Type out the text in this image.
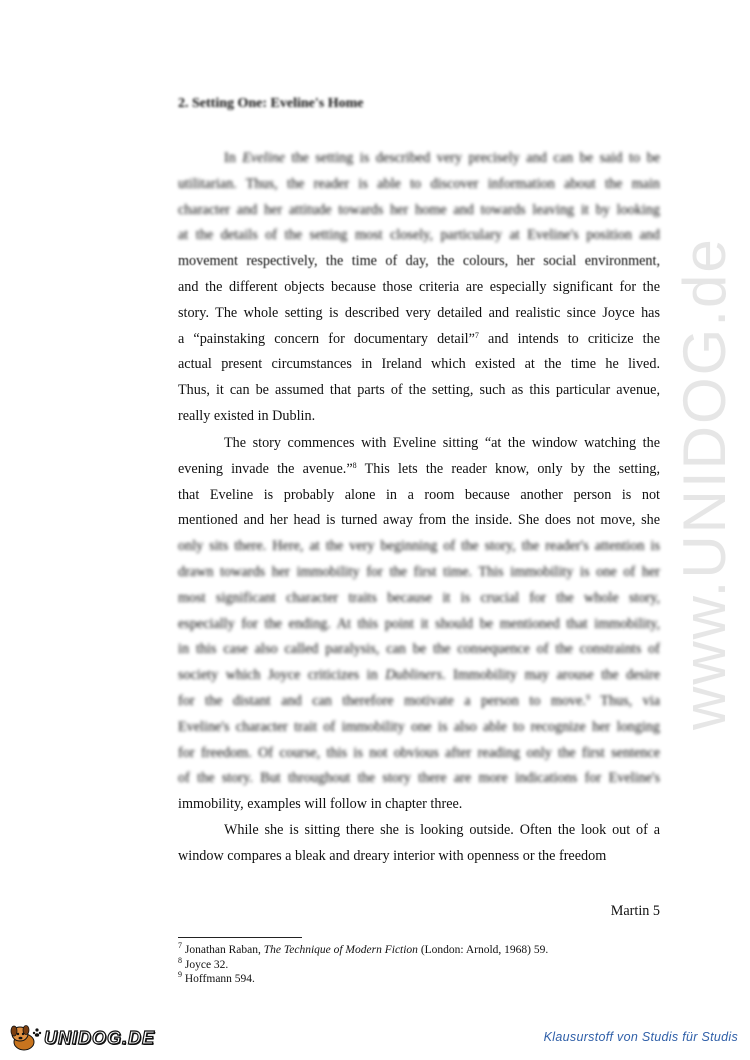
2. Setting One: Eveline's Home
In Eveline the setting is described very precisely and can be said to be
utilitarian. Thus, the reader is able to discover information about the main
character and her attitude towards her home and towards leaving it by looking
at the details of the setting most closely, particulary at Eveline's position and
movement respectively, the time of day, the colours, her social environment,
and the different objects because those criteria are especially significant for the
story. The whole setting is described very detailed and realistic since Joyce has
a “painstaking concern for documentary detail”$^7$ and intends to criticize the
actual present circumstances in Ireland which existed at the time he lived.
Thus, it can be assumed that parts of the setting, such as this particular avenue,
really existed in Dublin.
The story commences with Eveline sitting “at the window watching the
evening invade the avenue.”$^8$ This lets the reader know, only by the setting,
that Eveline is probably alone in a room because another person is not
mentioned and her head is turned away from the inside. She does not move, she
only sits there. Here, at the very beginning of the story, the reader's attention is
drawn towards her immobility for the first time. This immobility is one of her
most significant character traits because it is crucial for the whole story,
especially for the ending. At this point it should be mentioned that immobility,
in this case also called paralysis, can be the consequence of the constraints of
society which Joyce criticizes in Dubliners. Immobility may arouse the desire
for the distant and can therefore motivate a person to move.$^9$ Thus, via
Eveline's character trait of immobility one is also able to recognize her longing
for freedom. Of course, this is not obvious after reading only the first sentence
of the story. But throughout the story there are more indications for Eveline's
immobility, examples will follow in chapter three.
While she is sitting there she is looking outside. Often the look out of a
window compares a bleak and dreary interior with openness or the freedom
Martin 5
$^7$ Jonathan Raban, The Technique of Modern Fiction (London: Arnold, 1968) 59.
$^8$ Joyce 32.
$^9$ Hoffmann 594.
www.UNIDOG.de
UNIDOG.DE	Klausurstoff von Studis für Studis
